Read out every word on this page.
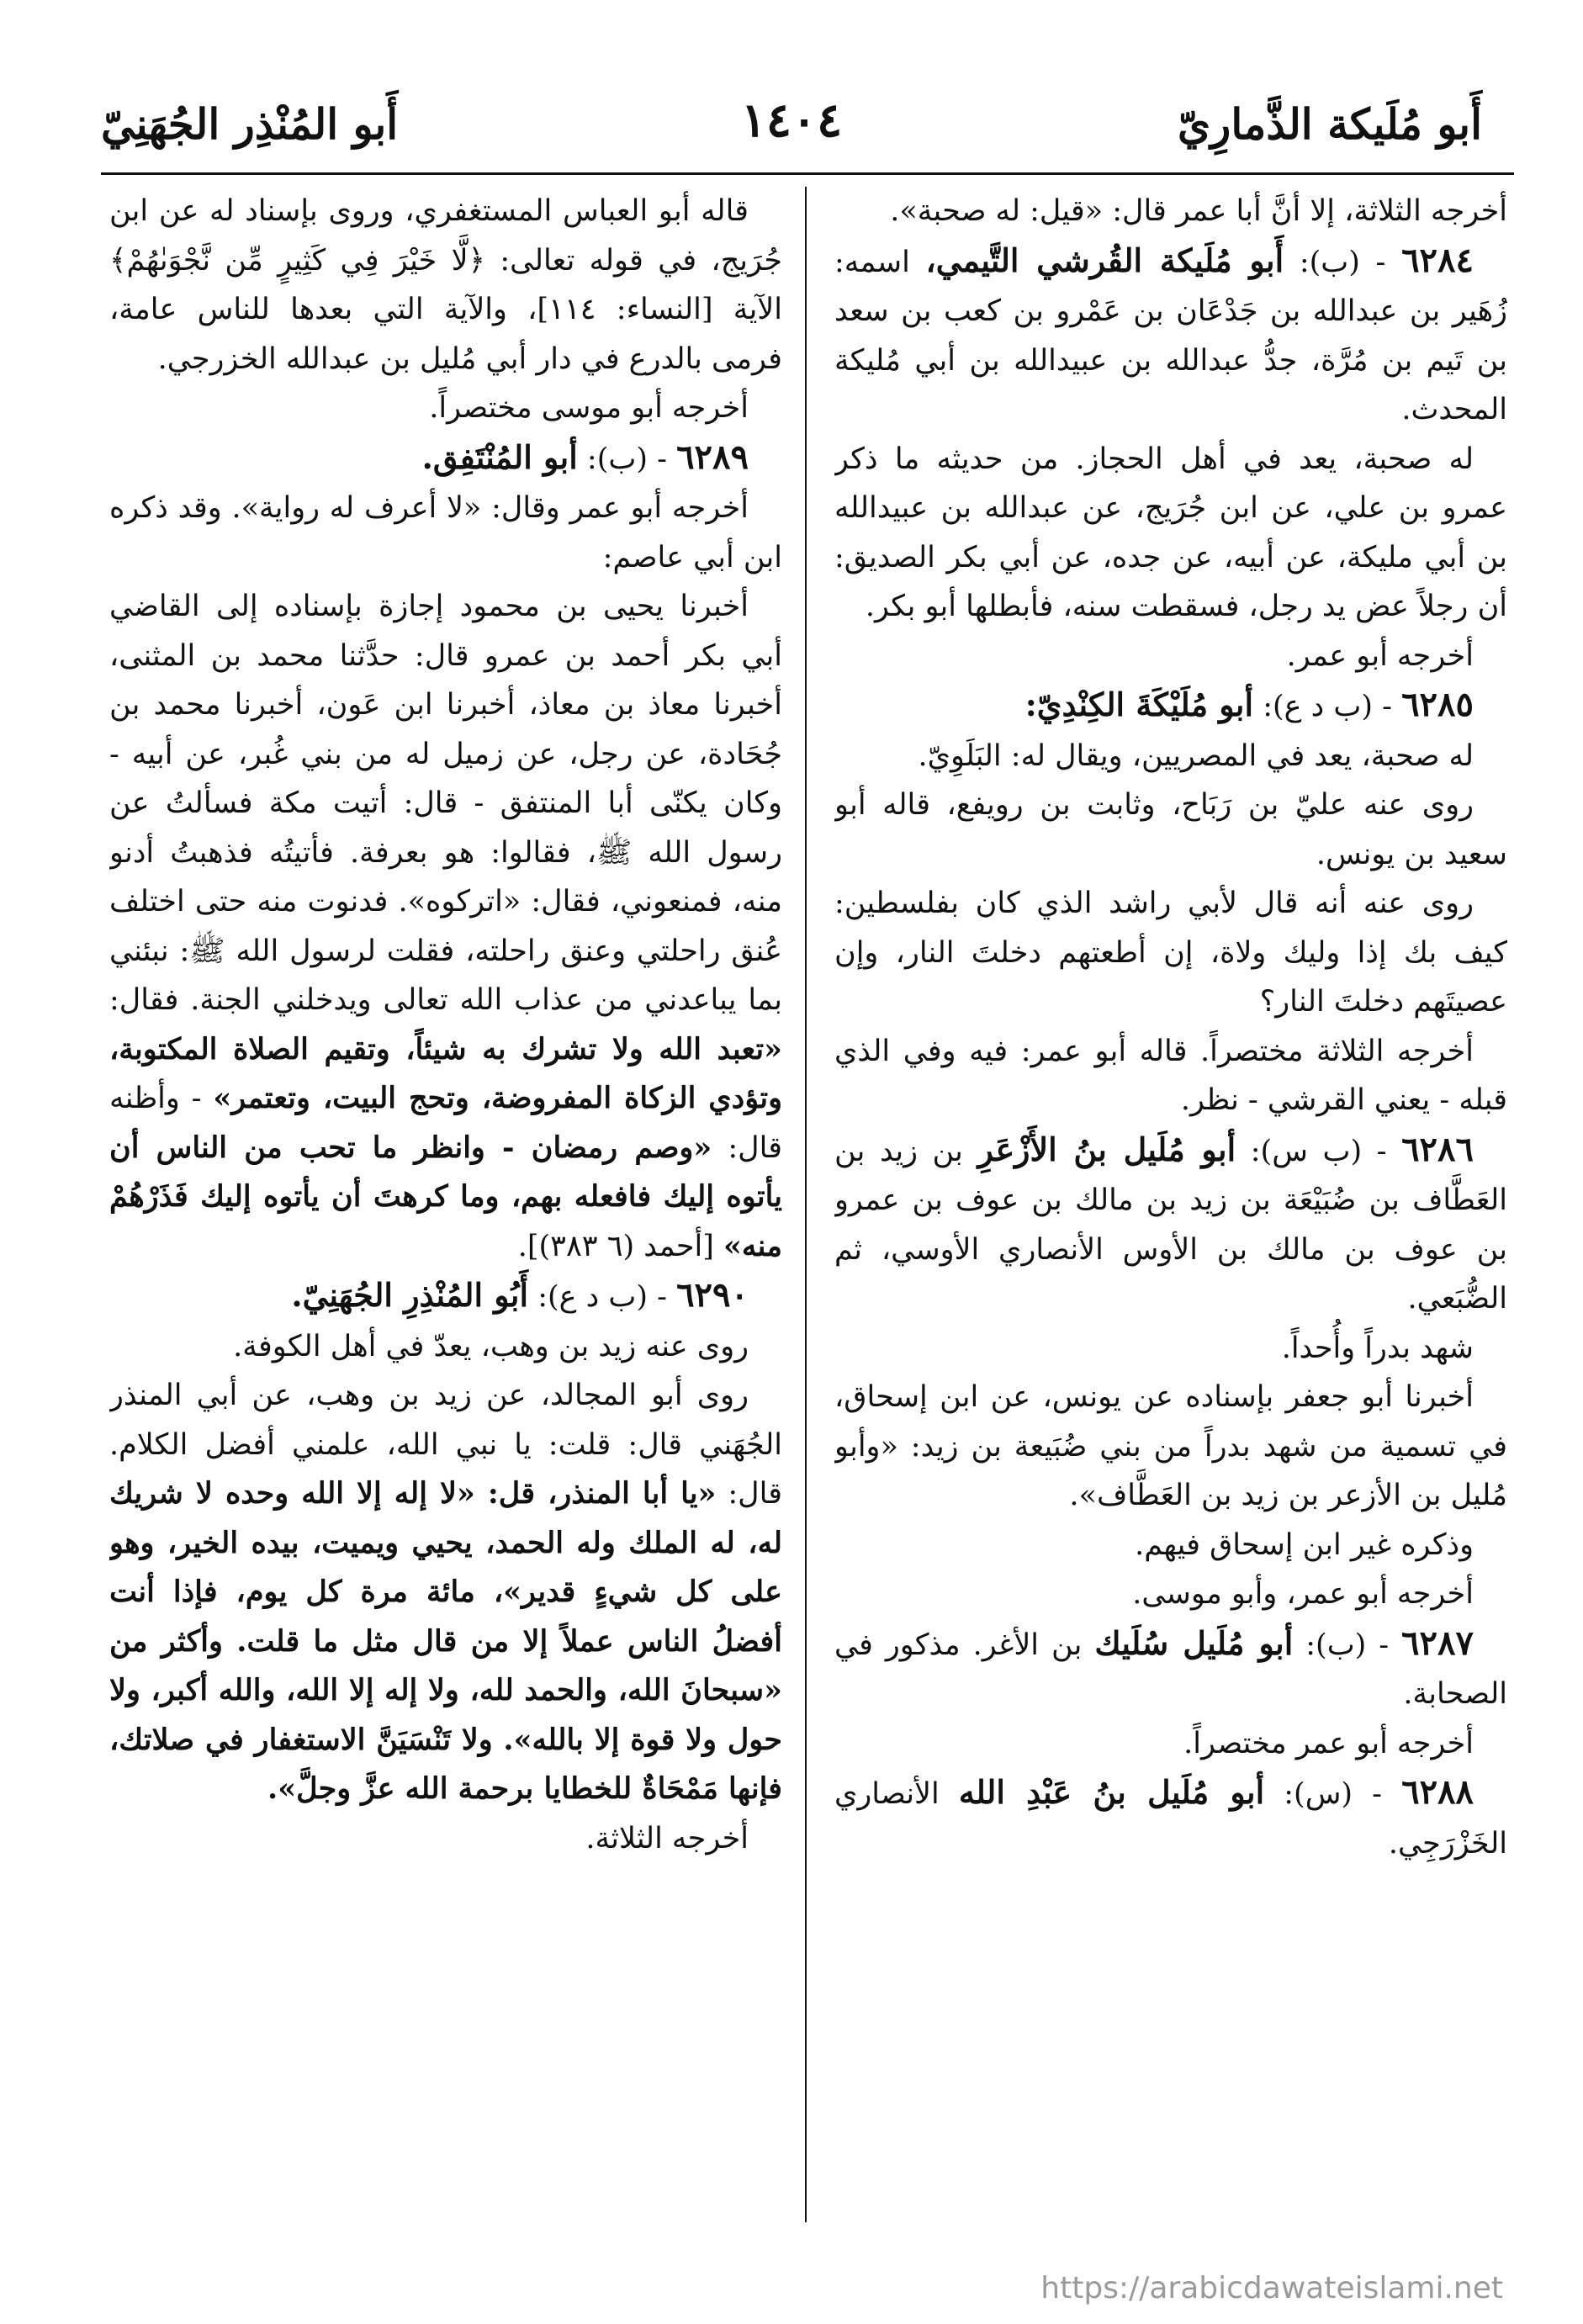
أَبو مُلَيكة الذَّمارِيّ
١٤٠٤
أَبو المُنْذِر الجُهَنِيّ

أخرجه الثلاثة، إلا أنَّ أبا عمر قال: «قيل: له صحبة».

٦٢٨٤ - (ب): أَبو مُلَيكة القُرشي التَّيمي، اسمه: زُهَير بن عبدالله بن جَدْعَان بن عَمْرو بن كعب بن سعد بن تَيم بن مُرَّة، جدُّ عبدالله بن عبيدالله بن أبي مُليكة المحدث.

له صحبة، يعد في أهل الحجاز. من حديثه ما ذكر عمرو بن علي، عن ابن جُرَيج، عن عبدالله بن عبيدالله بن أبي مليكة، عن أبيه، عن جده، عن أبي بكر الصديق: أن رجلاً عض يد رجل، فسقطت سنه، فأبطلها أبو بكر.

أخرجه أبو عمر.

٦٢٨٥ - (ب د ع): أبو مُلَيْكَةَ الكِنْدِيّ:

له صحبة، يعد في المصريين، ويقال له: البَلَوِيّ.

روى عنه عليّ بن رَبَاح، وثابت بن رويفع، قاله أبو سعيد بن يونس.

روى عنه أنه قال لأبي راشد الذي كان بفلسطين: كيف بك إذا وليك ولاة، إن أطعتهم دخلتَ النار، وإن عصيتَهم دخلتَ النار؟

أخرجه الثلاثة مختصراً. قاله أبو عمر: فيه وفي الذي قبله - يعني القرشي - نظر.

٦٢٨٦ - (ب س): أبو مُلَيل بنُ الأَزْعَرِ بن زيد بن العَطَّاف بن ضُبَيْعَة بن زيد بن مالك بن عوف بن عمرو بن عوف بن مالك بن الأوس الأنصاري الأوسي، ثم الضُّبَعي.

شهد بدراً وأُحداً.

أخبرنا أبو جعفر بإسناده عن يونس، عن ابن إسحاق، في تسمية من شهد بدراً من بني ضُبَيعة بن زيد: «وأبو مُليل بن الأزعر بن زيد بن العَطَّاف».

وذكره غير ابن إسحاق فيهم.

أخرجه أبو عمر، وأبو موسى.

٦٢٨٧ - (ب): أبو مُلَيل سُلَيك بن الأغر. مذكور في الصحابة.

أخرجه أبو عمر مختصراً.

٦٢٨٨ - (س): أبو مُلَيل بنُ عَبْدِ الله الأنصاري الخَزْرَجِي.

قاله أبو العباس المستغفري، وروى بإسناد له عن ابن جُرَيج، في قوله تعالى: ﴿لَّا خَيْرَ فِي كَثِيرٍ مِّن نَّجْوَىٰهُمْ﴾ الآية [النساء: ١١٤]، والآية التي بعدها للناس عامة، فرمى بالدرع في دار أبي مُليل بن عبدالله الخزرجي.

أخرجه أبو موسى مختصراً.

٦٢٨٩ - (ب): أبو المُنْتَفِق.

أخرجه أبو عمر وقال: «لا أعرف له رواية». وقد ذكره ابن أبي عاصم:

أخبرنا يحيى بن محمود إجازة بإسناده إلى القاضي أبي بكر أحمد بن عمرو قال: حدَّثنا محمد بن المثنى، أخبرنا معاذ بن معاذ، أخبرنا ابن عَون، أخبرنا محمد بن جُحَادة، عن رجل، عن زميل له من بني غُبر، عن أبيه - وكان يكنّى أبا المنتفق - قال: أتيت مكة فسألتُ عن رسول الله ﷺ، فقالوا: هو بعرفة. فأتيتُه فذهبتُ أدنو منه، فمنعوني، فقال: «اتركوه». فدنوت منه حتى اختلف عُنق راحلتي وعنق راحلته، فقلت لرسول الله ﷺ: نبئني بما يباعدني من عذاب الله تعالى ويدخلني الجنة. فقال: «تعبد الله ولا تشرك به شيئاً، وتقيم الصلاة المكتوبة، وتؤدي الزكاة المفروضة، وتحج البيت، وتعتمر» - وأظنه قال: «وصم رمضان - وانظر ما تحب من الناس أن يأتوه إليك فافعله بهم، وما كرهتَ أن يأتوه إليك فَذَرْهُمْ منه» [أحمد (٦ ٣٨٣)].

٦٢٩٠ - (ب د ع): أَبُو المُنْذِرِ الجُهَنِيّ.

روى عنه زيد بن وهب، يعدّ في أهل الكوفة.

روى أبو المجالد، عن زيد بن وهب، عن أبي المنذر الجُهَني قال: قلت: يا نبي الله، علمني أفضل الكلام. قال: «يا أبا المنذر، قل: «لا إله إلا الله وحده لا شريك له، له الملك وله الحمد، يحيي ويميت، بيده الخير، وهو على كل شيءٍ قدير»، مائة مرة كل يوم، فإذا أنت أفضلُ الناس عملاً إلا من قال مثل ما قلت. وأكثر من «سبحانَ الله، والحمد لله، ولا إله إلا الله، والله أكبر، ولا حول ولا قوة إلا بالله». ولا تَنْسَيَنَّ الاستغفار في صلاتك، فإنها مَمْحَاةٌ للخطايا برحمة الله عزَّ وجلَّ».

أخرجه الثلاثة.

https://arabicdawateislami.net
